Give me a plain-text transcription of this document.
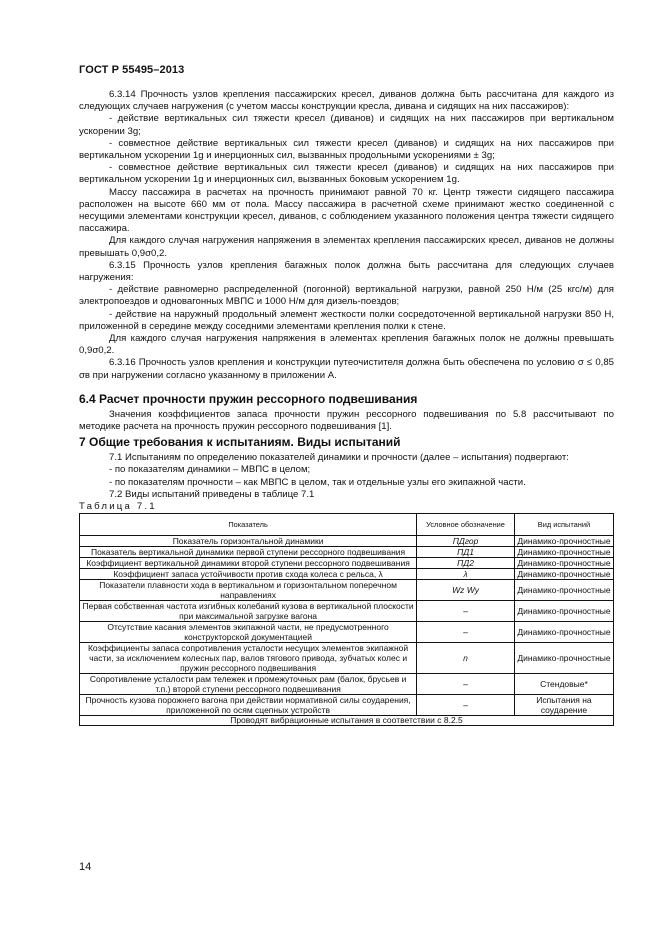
ГОСТ Р 55495–2013

6.3.14 Прочность узлов крепления пассажирских кресел, диванов должна быть рассчитана для каждого из следующих случаев нагружения (с учетом массы конструкции кресла, дивана и сидящих на них пассажиров):

- действие вертикальных сил тяжести кресел (диванов) и сидящих на них пассажиров при вертикальном ускорении 3g;

- совместное действие вертикальных сил тяжести кресел (диванов) и сидящих на них пассажиров при вертикальном ускорении 1g и инерционных сил, вызванных продольными ускорениями ± 3g;

- совместное действие вертикальных сил тяжести кресел (диванов) и сидящих на них пассажиров при вертикальном ускорении 1g и инерционных сил, вызванных боковым ускорением 1g.

Массу пассажира в расчетах на прочность принимают равной 70 кг. Центр тяжести сидящего пассажира расположен на высоте 660 мм от пола. Массу пассажира в расчетной схеме принимают жестко соединенной с несущими элементами конструкции кресел, диванов, с соблюдением указанного положения центра тяжести сидящего пассажира.

Для каждого случая нагружения напряжения в элементах крепления пассажирских кресел, диванов не должны превышать 0,9σ0,2.

6.3.15 Прочность узлов крепления багажных полок должна быть рассчитана для следующих случаев нагружения:

- действие равномерно распределенной (погонной) вертикальной нагрузки, равной 250 Н/м (25 кгс/м) для электропоездов и одновагонных МВПС и 1000 Н/м для дизель-поездов;

- действие на наружный продольный элемент жесткости полки сосредоточенной вертикальной нагрузки 850 Н, приложенной в середине между соседними элементами крепления полки к стене.

Для каждого случая нагружения напряжения в элементах крепления багажных полок не должны превышать 0,9σ0,2.

6.3.16 Прочность узлов крепления и конструкции путеочистителя должна быть обеспечена по условию σ ≤ 0,85 σв при нагружении согласно указанному в приложении А.

6.4 Расчет прочности пружин рессорного подвешивания

Значения коэффициентов запаса прочности пружин рессорного подвешивания по 5.8 рассчитывают по методике расчета на прочность пружин рессорного подвешивания [1].

7 Общие требования к испытаниям. Виды испытаний

7.1 Испытаниям по определению показателей динамики и прочности (далее – испытания) подвергают:

- по показателям динамики – МВПС в целом;

- по показателям прочности – как МВПС в целом, так и отдельные узлы его экипажной части.

7.2 Виды испытаний приведены в таблице 7.1

Таблица 7.1

Показатель	Условное обозначение	Вид испытаний
Показатель горизонтальной динамики	ПДгор	Динамико-прочностные
Показатель вертикальной динамики первой ступени рессорного подвешивания	ПД1	Динамико-прочностные
Коэффициент вертикальной динамики второй ступени рессорного подвешивания	ПД2	Динамико-прочностные
Коэффициент запаса устойчивости против схода колеса с рельса, λ	λ	Динамико-прочностные
Показатели плавности хода в вертикальном и горизонтальном поперечном направлениях	Wz Wy	Динамико-прочностные
Первая собственная частота изгибных колебаний кузова в вертикальной плоскости при максимальной загрузке вагона	–	Динамико-прочностные
Отсутствие касания элементов экипажной части, не предусмотренного конструкторской документацией	–	Динамико-прочностные
Коэффициенты запаса сопротивления усталости несущих элементов экипажной части, за исключением колесных пар, валов тягового привода, зубчатых колес и пружин рессорного подвешивания	n	Динамико-прочностные
Сопротивление усталости рам тележек и промежуточных рам (балок, брусьев и т.п.) второй ступени рессорного подвешивания	–	Стендовые*
Прочность кузова порожнего вагона при действии нормативной силы соударения, приложенной по осям сцепных устройств	–	Испытания на соударение
Проводят вибрационные испытания в соответствии с 8.2.5		
14
